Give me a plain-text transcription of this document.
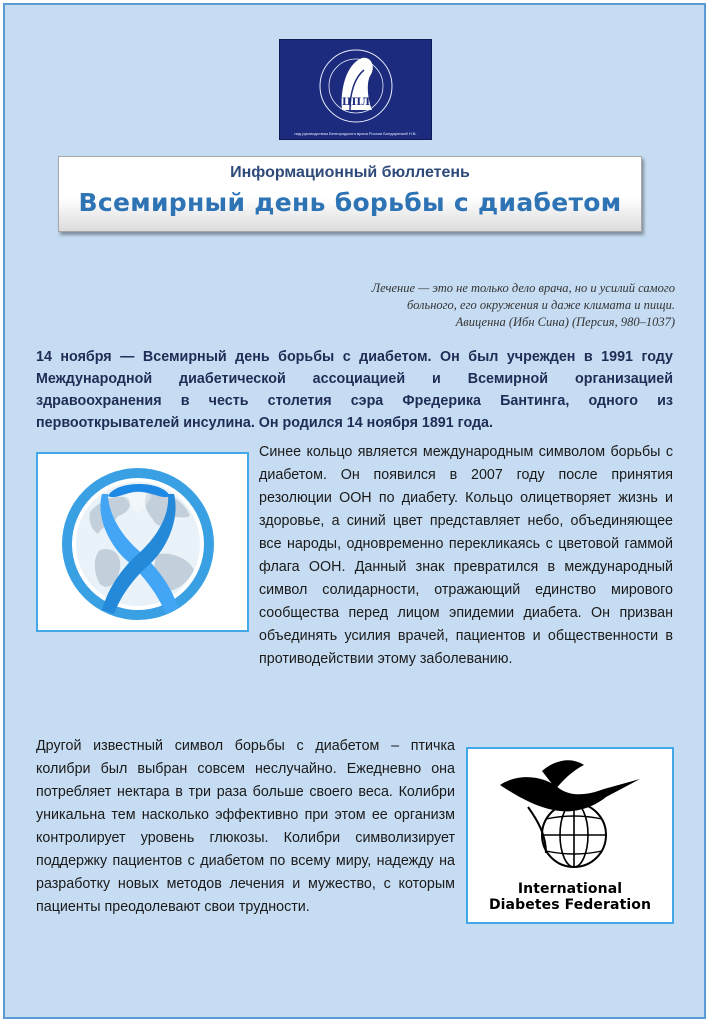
ЦПЛ
над руководством Белгородского врача России Бондаренкой Н.В.
Информационный бюллетень
Всемирный день борьбы с диабетом
Лечение — это не только дело врача, но и усилий самого
больного, его окружения и даже климата и пищи.
Авиценна (Ибн Сина) (Персия, 980–1037)
14 ноября — Всемирный день борьбы с диабетом. Он был учрежден в 1991 году Международной диабетической ассоциацией и Всемирной организацией здравоохранения в честь столетия сэра Фредерика Бантинга, одного из первооткрывателей инсулина. Он родился 14 ноября 1891 года.
Синее кольцо является международным символом борьбы с диабетом. Он появился в 2007 году после принятия резолюции ООН по диабету. Кольцо олицетворяет жизнь и здоровье, а синий цвет представляет небо, объединяющее все народы, одновременно перекликаясь с цветовой гаммой флага ООН. Данный знак превратился в международный символ солидарности, отражающий единство мирового сообщества перед лицом эпидемии диабета. Он призван объединять усилия врачей, пациентов и общественности в противодействии этому заболеванию.
Другой известный символ борьбы с диабетом – птичка колибри был выбран совсем неслучайно. Ежедневно она потребляет нектара в три раза больше своего веса. Колибри уникальна тем насколько эффективно при этом ее организм контролирует уровень глюкозы. Колибри символизирует поддержку пациентов с диабетом по всему миру, надежду на разработку новых методов лечения и мужество, с которым пациенты преодолевают свои трудности.
International
Diabetes Federation
